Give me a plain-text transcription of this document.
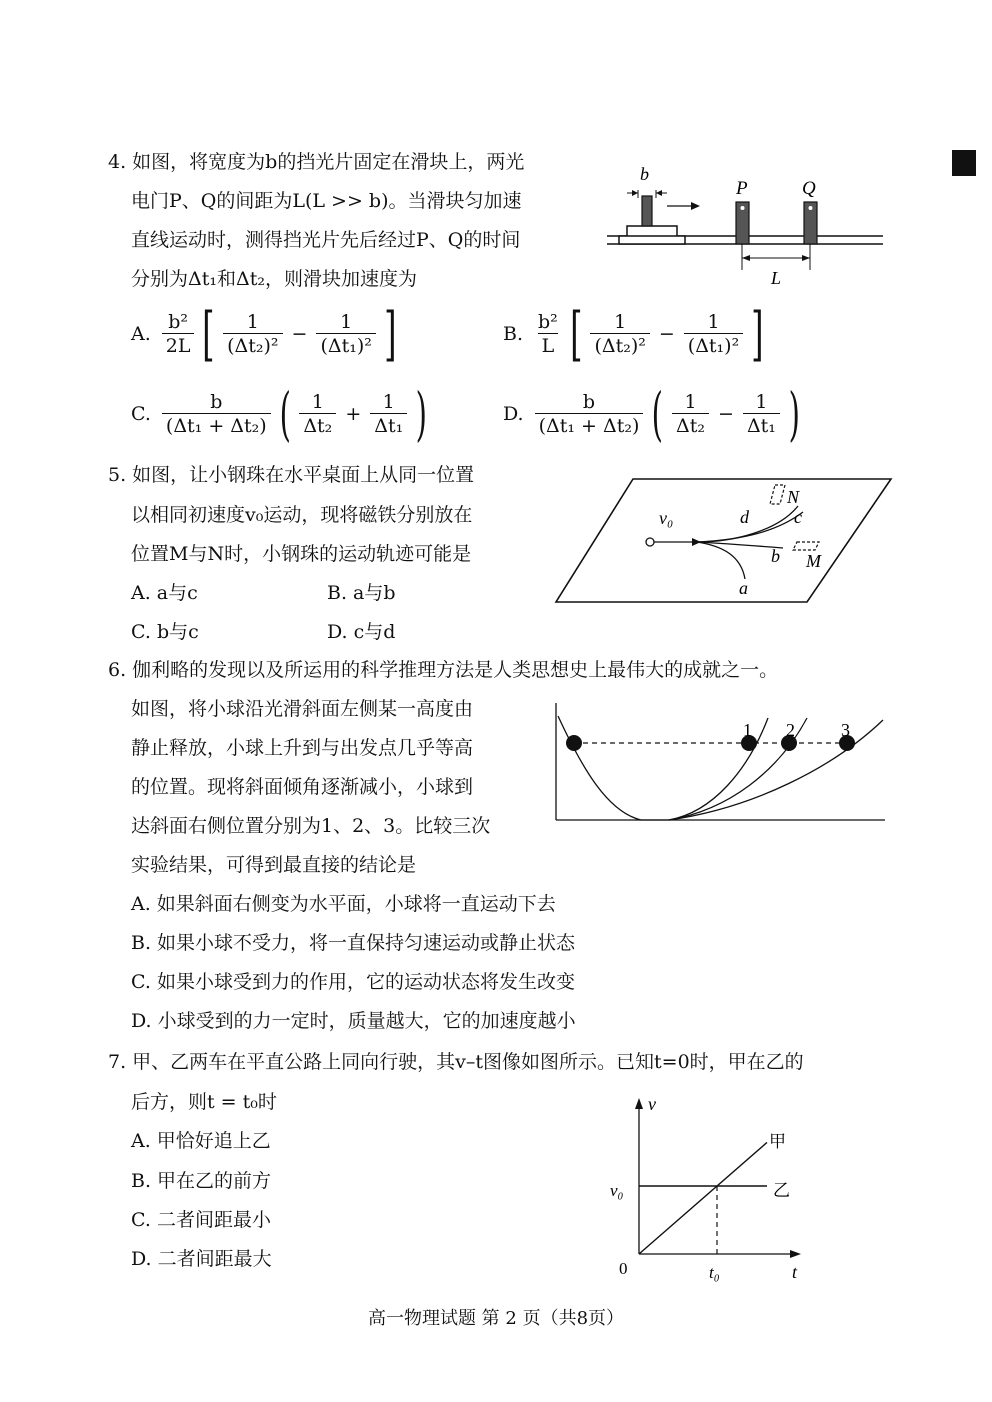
4. 如图，将宽度为b的挡光片固定在滑块上，两光
电门P、Q的间距为L(L >> b)。当滑块匀加速
直线运动时，测得挡光片先后经过P、Q的时间
分别为Δt₁和Δt₂，则滑块加速度为
b
P	Q
L
A. $\frac{\text{b²}}{2L}$ [ $\frac{1}{\text{(Δt₂)²}} - \frac{1}{\text{(Δt₁)²}}$ ]	B. $\frac{\text{b²}}{L}$ [ $\frac{1}{\text{(Δt₂)²}} - \frac{1}{\text{(Δt₁)²}}$ ]
C. $\frac{b}{\text{(Δt₁ + Δt₂)}}$ ( $\frac{1}{\text{Δt₂}} + \frac{1}{\text{Δt₁}}$ )	D. $\frac{b}{\text{(Δt₁ + Δt₂)}}$ ( $\frac{1}{\text{Δt₂}} - \frac{1}{\text{Δt₁}}$ )
5. 如图，让小钢珠在水平桌面上从同一位置
以相同初速度v₀运动，现将磁铁分别放在
位置M与N时，小钢珠的运动轨迹可能是
A. a与c	B. a与b
C. b与c	D. c与d
v₀
N
M
d	c
b
a
6. 伽利略的发现以及所运用的科学推理方法是人类思想史上最伟大的成就之一。
如图，将小球沿光滑斜面左侧某一高度由
静止释放，小球上升到与出发点几乎等高
的位置。现将斜面倾角逐渐减小，小球到
达斜面右侧位置分别为1、2、3。比较三次
实验结果，可得到最直接的结论是
A. 如果斜面右侧变为水平面，小球将一直运动下去
B. 如果小球不受力，将一直保持匀速运动或静止状态
C. 如果小球受到力的作用，它的运动状态将发生改变
D. 小球受到的力一定时，质量越大，它的加速度越小
1 2	3
7. 甲、乙两车在平直公路上同向行驶，其v–t图像如图所示。已知t=0时，甲在乙的
后方，则t = t₀时
A. 甲恰好追上乙
B. 甲在乙的前方
C. 二者间距最小
D. 二者间距最大
v
t
0
v₀
t₀
甲
乙
高一物理试题 第 2 页（共8页）
